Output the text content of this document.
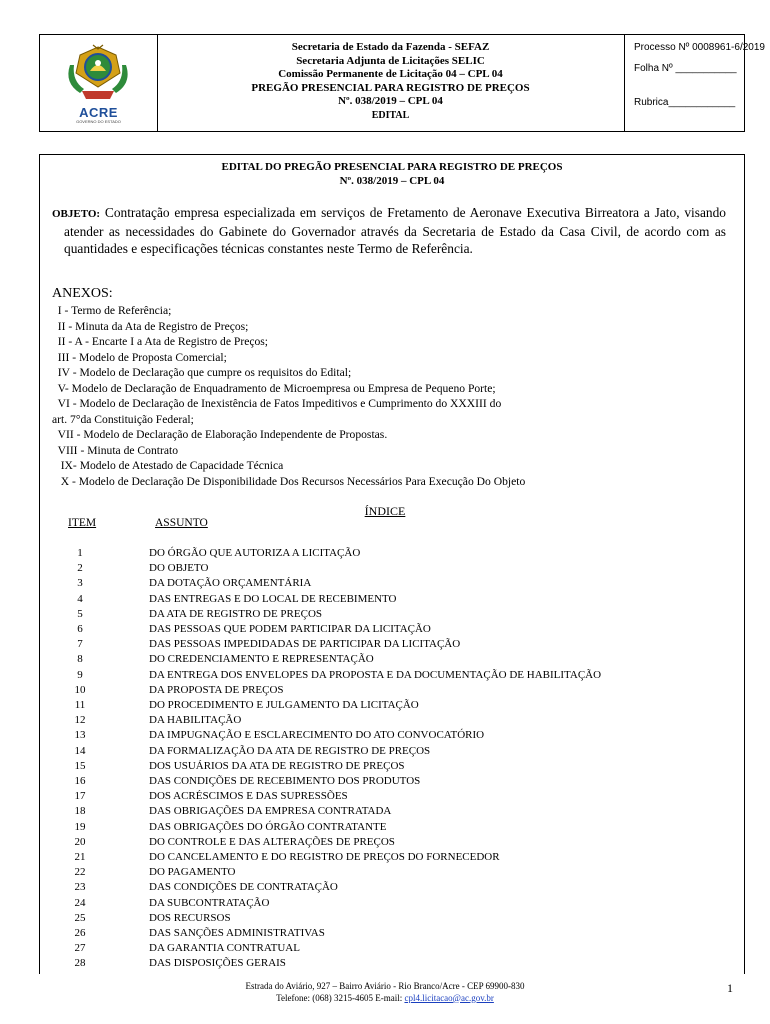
ACRE
GOVERNO DO ESTADO
Secretaria de Estado da Fazenda - SEFAZ
Secretaria Adjunta de Licitações SELIC
Comissão Permanente de Licitação 04 – CPL 04
PREGÃO PRESENCIAL PARA REGISTRO DE PREÇOS
Nº. 038/2019 – CPL 04
EDITAL
Processo Nº 0008961-6/2019
Folha Nº ___________
Rubrica____________
EDITAL DO PREGÃO PRESENCIAL PARA REGISTRO DE PREÇOS
Nº. 038/2019 – CPL 04
OBJETO: Contratação empresa especializada em serviços de Fretamento de Aeronave Executiva Birreatora a Jato, visando atender as necessidades do Gabinete do Governador através da Secretaria de Estado da Casa Civil, de acordo com as quantidades e especificações técnicas constantes neste Termo de Referência.
ANEXOS:
I - Termo de Referência;
II - Minuta da Ata de Registro de Preços;
II - A - Encarte I a Ata de Registro de Preços;
III - Modelo de Proposta Comercial;
IV - Modelo de Declaração que cumpre os requisitos do Edital;
V- Modelo de Declaração de Enquadramento de Microempresa ou Empresa de Pequeno Porte;
VI - Modelo de Declaração de Inexistência de Fatos Impeditivos e Cumprimento do XXXIII do
art. 7°da Constituição Federal;
VII - Modelo de Declaração de Elaboração Independente de Propostas.
VIII - Minuta de Contrato
IX- Modelo de Atestado de Capacidade Técnica
X - Modelo de Declaração De Disponibilidade Dos Recursos Necessários Para Execução Do Objeto
ÍNDICE
ITEM	ASSUNTO
1	DO ÓRGÃO QUE AUTORIZA A LICITAÇÃO
2	DO OBJETO
3	DA DOTAÇÃO ORÇAMENTÁRIA
4	DAS ENTREGAS E DO LOCAL DE RECEBIMENTO
5	DA ATA DE REGISTRO DE PREÇOS
6	DAS PESSOAS QUE PODEM PARTICIPAR DA LICITAÇÃO
7	DAS PESSOAS IMPEDIDADAS DE PARTICIPAR DA LICITAÇÃO
8	DO CREDENCIAMENTO E REPRESENTAÇÃO
9	DA ENTREGA DOS ENVELOPES DA PROPOSTA E DA DOCUMENTAÇÃO DE HABILITAÇÃO
10	DA PROPOSTA DE PREÇOS
11	DO PROCEDIMENTO E JULGAMENTO DA LICITAÇÃO
12	DA HABILITAÇÃO
13	DA IMPUGNAÇÃO E ESCLARECIMENTO DO ATO CONVOCATÓRIO
14	DA FORMALIZAÇÃO DA ATA DE REGISTRO DE PREÇOS
15	DOS USUÁRIOS DA ATA DE REGISTRO DE PREÇOS
16	DAS CONDIÇÕES DE RECEBIMENTO DOS PRODUTOS
17	DOS ACRÉSCIMOS E DAS SUPRESSÕES
18	DAS OBRIGAÇÕES DA EMPRESA CONTRATADA
19	DAS OBRIGAÇÕES DO ÓRGÃO CONTRATANTE
20	DO CONTROLE E DAS ALTERAÇÕES DE PREÇOS
21	DO CANCELAMENTO E DO REGISTRO DE PREÇOS DO FORNECEDOR
22	DO PAGAMENTO
23	DAS CONDIÇÕES DE CONTRATAÇÃO
24	DA SUBCONTRATAÇÃO
25	DOS RECURSOS
26	DAS SANÇÕES ADMINISTRATIVAS
27	DA GARANTIA CONTRATUAL
28	DAS DISPOSIÇÕES GERAIS
Estrada do Aviário, 927 – Bairro Aviário - Rio Branco/Acre - CEP 69900-830
Telefone: (068) 3215-4605 E-mail: cpl4.licitacao@ac.gov.br
1
